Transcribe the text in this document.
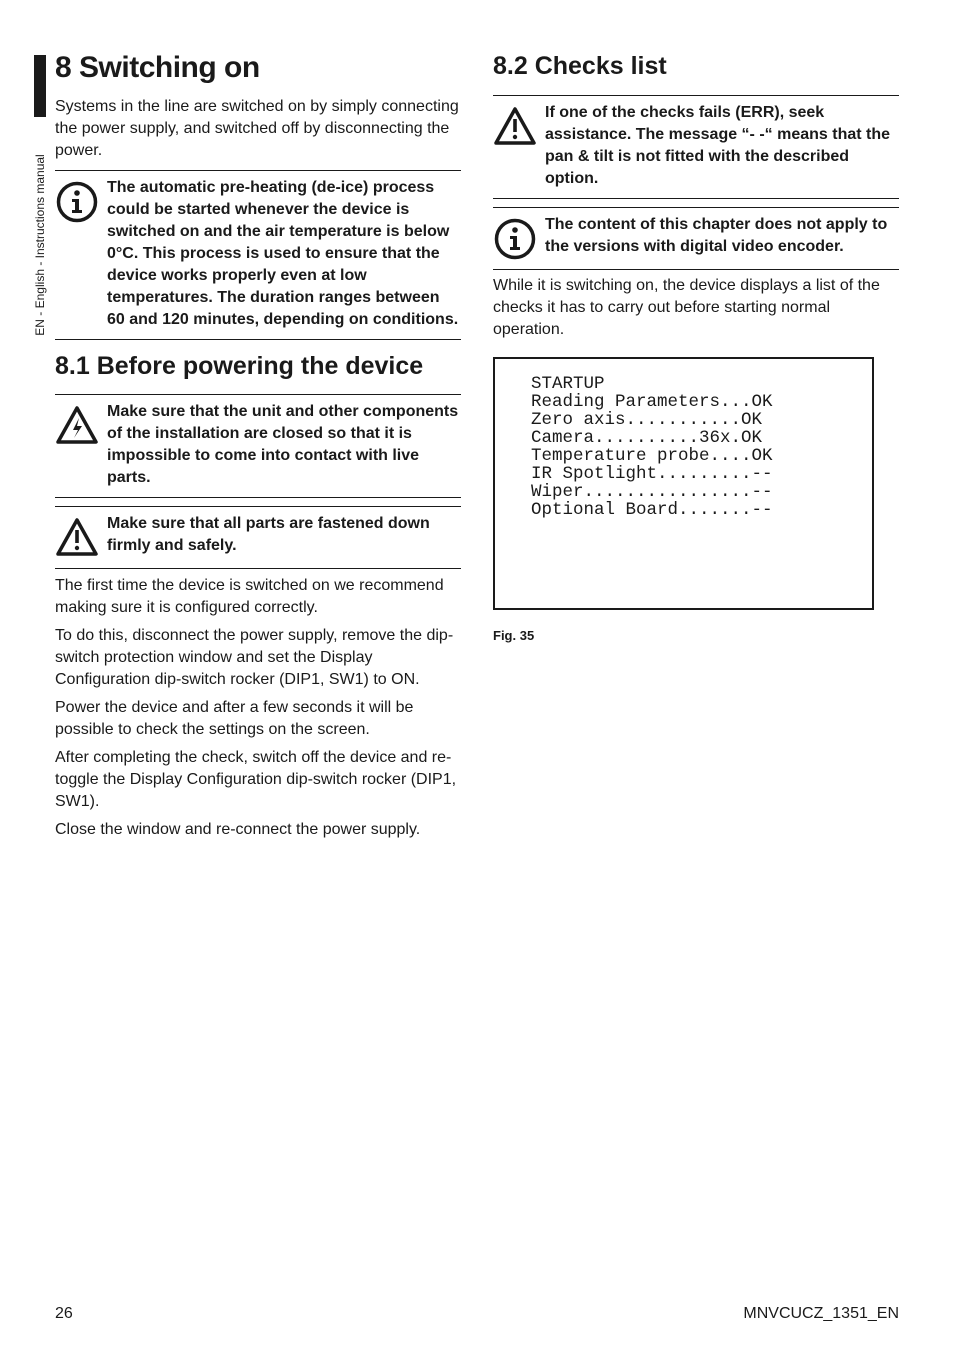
EN - English - Instructions manual
8 Switching on

Systems in the line are switched on by simply connecting the power supply, and switched off by disconnecting the power.

The automatic pre-heating (de-ice) process could be started whenever the device is switched on and the air temperature is below 0°C. This process is used to ensure that the device works properly even at low temperatures. The duration ranges between 60 and 120 minutes, depending on conditions.
8.1 Before powering the device
Make sure that the unit and other components of the installation are closed so that it is impossible to come into contact with live parts.
Make sure that all parts are fastened down firmly and safely.

The first time the device is switched on we recommend making sure it is configured correctly.

To do this, disconnect the power supply, remove the dip-switch protection window and set the Display Configuration dip-switch rocker (DIP1, SW1) to ON.

Power the device and after a few seconds it will be possible to check the settings on the screen.

After completing the check, switch off the device and re-toggle the Display Configuration dip-switch rocker (DIP1, SW1).

Close the window and re-connect the power supply.

8.2 Checks list
If one of the checks fails (ERR), seek assistance. The message “- -“ means that the pan & tilt is not fitted with the described option.
The content of this chapter does not apply to the versions with digital video encoder.

While it is switching on, the device displays a list of the checks it has to carry out before starting normal operation.

STARTUP
Reading Parameters...OK
Zero axis...........OK
Camera..........36x.OK
Temperature probe....OK
IR Spotlight.........--
Wiper................--
Optional Board.......--
Fig. 35
26	MNVCUCZ_1351_EN
